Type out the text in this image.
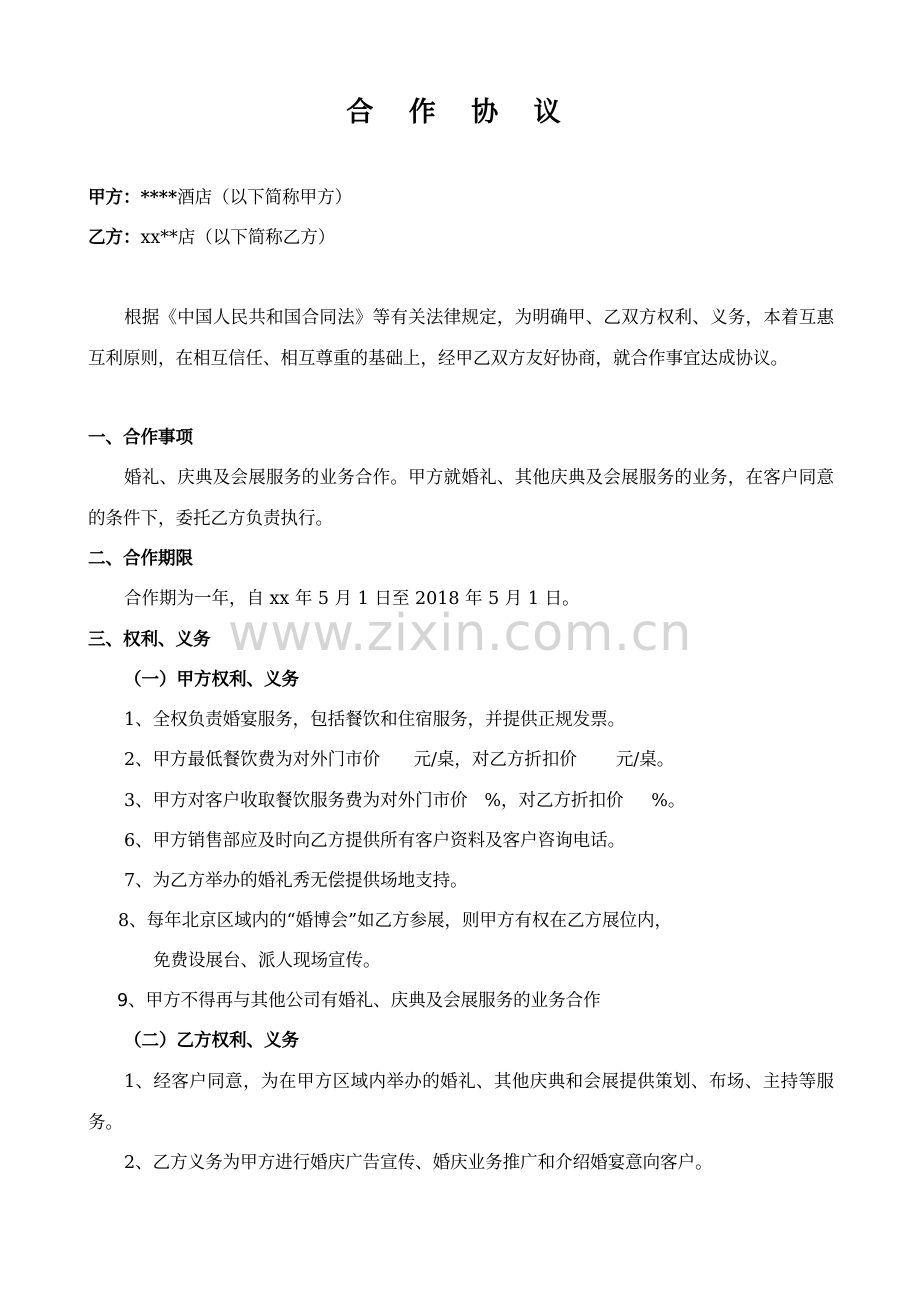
合 作 协 议
甲方：****酒店（以下简称甲方）
乙方：xx**店（以下简称乙方）
根据《中国人民共和国合同法》等有关法律规定，为明确甲、乙双方权利、义务，本着互惠互利原则，在相互信任、相互尊重的基础上，经甲乙双方友好协商，就合作事宜达成协议。
一、合作事项
婚礼、庆典及会展服务的业务合作。甲方就婚礼、其他庆典及会展服务的业务，在客户同意的条件下，委托乙方负责执行。
二、合作期限
合作期为一年，自 xx 年 5 月 1 日至 2018 年 5 月 1 日。
三、权利、义务
（一）甲方权利、义务
1、全权负责婚宴服务，包括餐饮和住宿服务，并提供正规发票。
2、甲方最低餐饮费为对外门市价      元/桌，对乙方折扣价       元/桌。
3、甲方对客户收取餐饮服务费为对外门市价   %，对乙方折扣价     %。
6、甲方销售部应及时向乙方提供所有客户资料及客户咨询电话。
7、为乙方举办的婚礼秀无偿提供场地支持。
8、每年北京区域内的“婚博会”如乙方参展，则甲方有权在乙方展位内，
免费设展台、派人现场宣传。
9、甲方不得再与其他公司有婚礼、庆典及会展服务的业务合作
（二）乙方权利、义务
1、经客户同意，为在甲方区域内举办的婚礼、其他庆典和会展提供策划、布场、主持等服务。
2、乙方义务为甲方进行婚庆广告宣传、婚庆业务推广和介绍婚宴意向客户。
www.zixin.com.cn
